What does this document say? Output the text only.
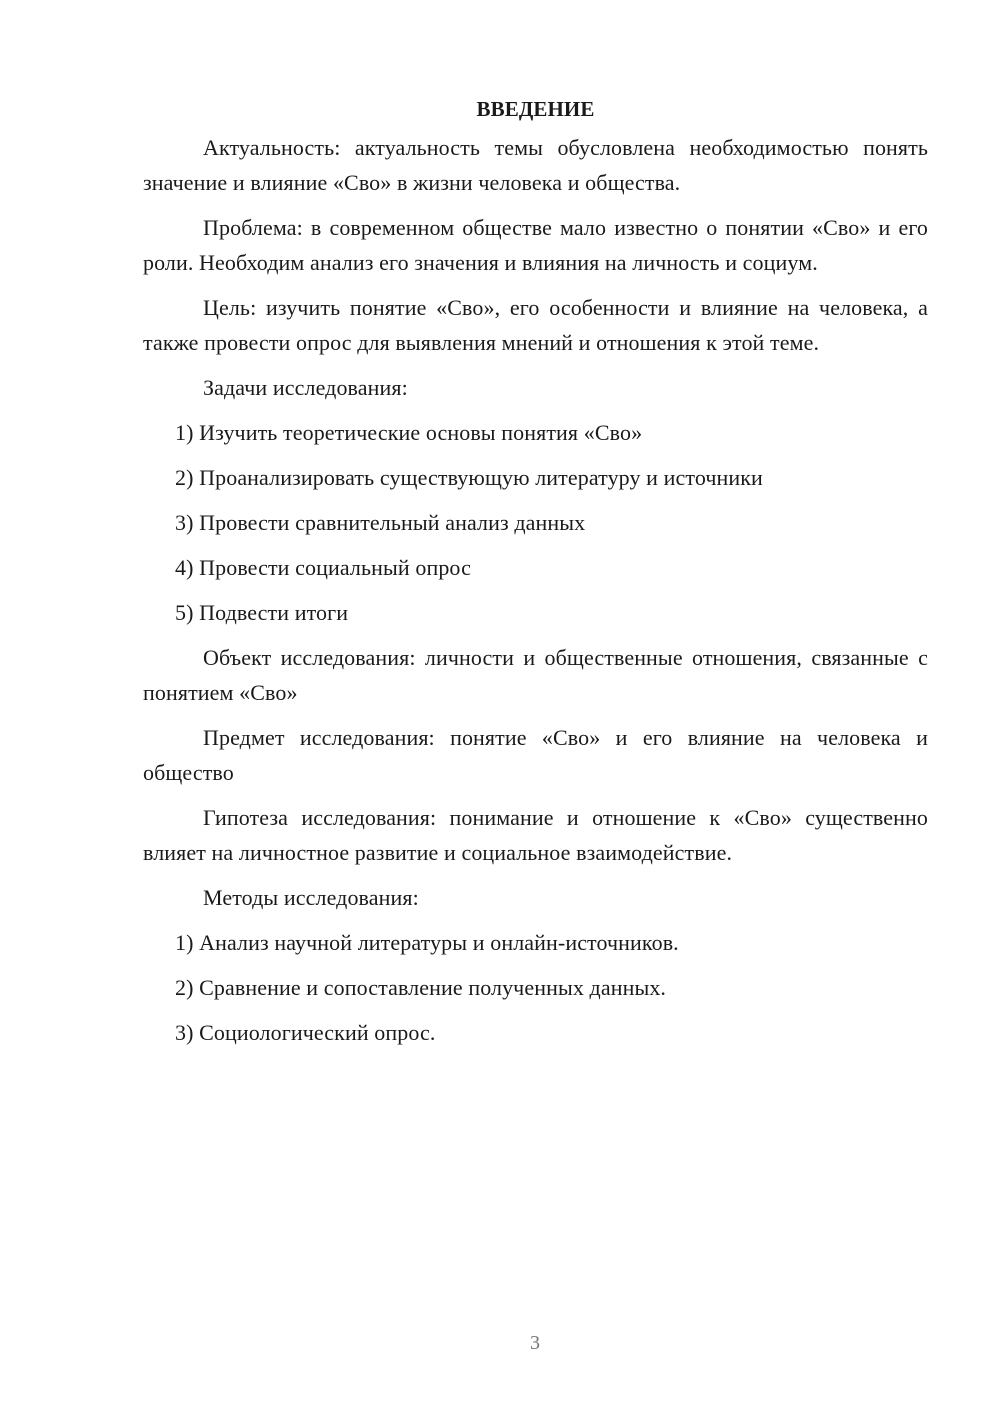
ВВЕДЕНИЕ
Актуальность: актуальность темы обусловлена необходимостью понять значение и влияние «Сво» в жизни человека и общества.
Проблема: в современном обществе мало известно о понятии «Сво» и его роли. Необходим анализ его значения и влияния на личность и социум.
Цель: изучить понятие «Сво», его особенности и влияние на человека, а также провести опрос для выявления мнений и отношения к этой теме.
Задачи исследования:
1) Изучить теоретические основы понятия «Сво»
2) Проанализировать существующую литературу и источники
3) Провести сравнительный анализ данных
4) Провести социальный опрос
5) Подвести итоги
Объект исследования: личности и общественные отношения, связанные с понятием «Сво»
Предмет исследования: понятие «Сво» и его влияние на человека и общество
Гипотеза исследования: понимание и отношение к «Сво» существенно влияет на личностное развитие и социальное взаимодействие.
Методы исследования:
1) Анализ научной литературы и онлайн-источников.
2) Сравнение и сопоставление полученных данных.
3) Социологический опрос.
3
